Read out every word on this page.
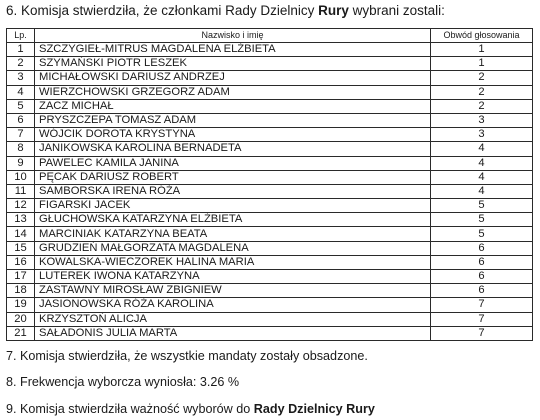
6. Komisja stwierdziła, że członkami Rady Dzielnicy Rury wybrani zostali:

Lp.	Nazwisko i imię	Obwód głosowania
1	SZCZYGIEŁ-MITRUS MAGDALENA ELŻBIETA	1
2	SZYMAŃSKI PIOTR LESZEK	1
3	MICHAŁOWSKI DARIUSZ ANDRZEJ	2
4	WIERZCHOWSKI GRZEGORZ ADAM	2
5	ZACZ MICHAŁ	2
6	PRYSZCZEPA TOMASZ ADAM	3
7	WÓJCIK DOROTA KRYSTYNA	3
8	JANIKOWSKA KAROLINA BERNADETA	4
9	PAWELEC KAMILA JANINA	4
10	PĘCAK DARIUSZ ROBERT	4
11	SAMBORSKA IRENA RÓŻA	4
12	FIGARSKI JACEK	5
13	GŁUCHOWSKA KATARZYNA ELŻBIETA	5
14	MARCINIAK KATARZYNA BEATA	5
15	GRUDZIEŃ MAŁGORZATA MAGDALENA	6
16	KOWALSKA-WIECZOREK HALINA MARIA	6
17	LUTEREK IWONA KATARZYNA	6
18	ZASTAWNY MIROSŁAW ZBIGNIEW	6
19	JASIONOWSKA RÓŻA KAROLINA	7
20	KRZYSZTOŃ ALICJA	7
21	SAŁADONIS JULIA MARTA	7

7. Komisja stwierdziła, że wszystkie mandaty zostały obsadzone.

8. Frekwencja wyborcza wyniosła: 3.26 %

9. Komisja stwierdziła ważność wyborów do Rady Dzielnicy Rury
